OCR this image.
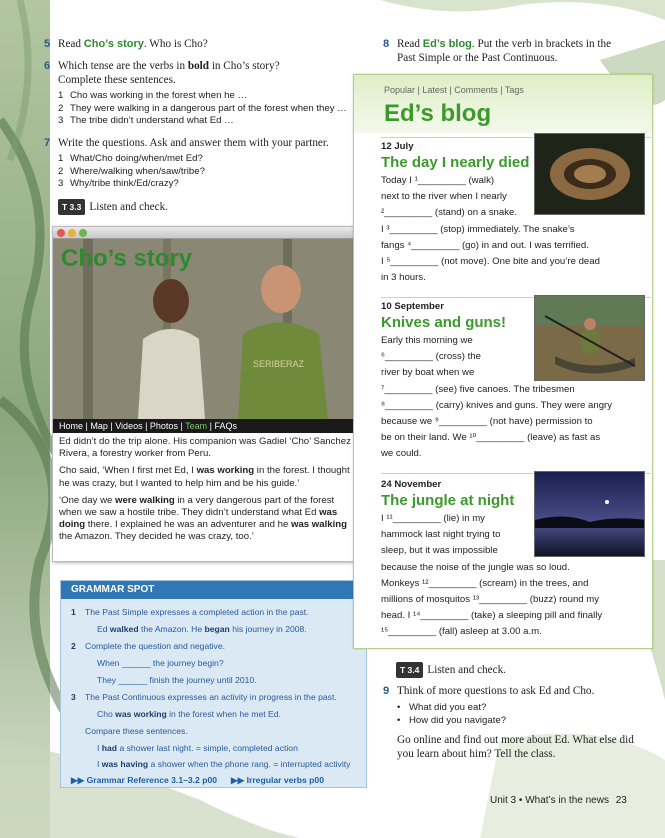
5 Read Cho’s story. Who is Cho?
6 Which tense are the verbs in bold in Cho’s story?
Complete these sentences.
1 Cho was working in the forest when he …
2 They were walking in a dangerous part of the forest when they …
3 The tribe didn’t understand what Ed …
7 Write the questions. Ask and answer them with your partner.
1 What/Cho doing/when/met Ed?
2 Where/walking when/saw/tribe?
3 Why/tribe think/Ed/crazy?
T 3.3 Listen and check.
SERIBERAZ
Cho’s story
Home | Map | Videos | Photos | Team | FAQs

Ed didn’t do the trip alone. His companion was Gadiel ‘Cho’ Sanchez Rivera, a forestry worker from Peru.

Cho said, ‘When I first met Ed, I was working in the forest. I thought he was crazy, but I wanted to help him and be his guide.’

‘One day we were walking in a very dangerous part of the forest when we saw a hostile tribe. They didn’t understand what Ed was doing there. I explained he was an adventurer and he was walking the Amazon. They decided he was crazy, too.’

GRAMMAR SPOT
1 The Past Simple expresses a completed action in the past.
Ed walked the Amazon. He began his journey in 2008.
2 Complete the question and negative.
When ______ the journey begin?
They ______ finish the journey until 2010.
3 The Past Continuous expresses an activity in progress in the past.
Cho was working in the forest when he met Ed.
Compare these sentences.
I had a shower last night. = simple, completed action
I was having a shower when the phone rang. = interrupted activity
▶▶ Grammar Reference 3.1–3.2 p00 ▶▶ Irregular verbs p00
8 Read Ed’s blog. Put the verb in brackets in the
Past Simple or the Past Continuous.
Popular | Latest | Comments | Tags
Ed’s blog
12 July
The day I nearly died
Today I ¹_________ (walk)
next to the river when I nearly
²_________ (stand) on a snake.
I ³_________ (stop) immediately. The snake’s
fangs ⁴_________ (go) in and out. I was terrified.
I ⁵_________ (not move). One bite and you’re dead
in 3 hours.
10 September
Knives and guns!
Early this morning we
⁶_________ (cross) the
river by boat when we
⁷_________ (see) five canoes. The tribesmen
⁸_________ (carry) knives and guns. They were angry
because we ⁹_________ (not have) permission to
be on their land. We ¹⁰_________ (leave) as fast as
we could.
24 November
The jungle at night
I ¹¹_________ (lie) in my
hammock last night trying to
sleep, but it was impossible
because the noise of the jungle was so loud.
Monkeys ¹²_________ (scream) in the trees, and
millions of mosquitos ¹³_________ (buzz) round my
head. I ¹⁴_________ (take) a sleeping pill and finally
¹⁵_________ (fall) asleep at 3.00 a.m.
T 3.4 Listen and check.
9 Think of more questions to ask Ed and Cho.
• What did you eat?
• How did you navigate?
Go online and find out more about Ed. What else did you learn about him? Tell the class.
Unit 3 • What’s in the news 23
